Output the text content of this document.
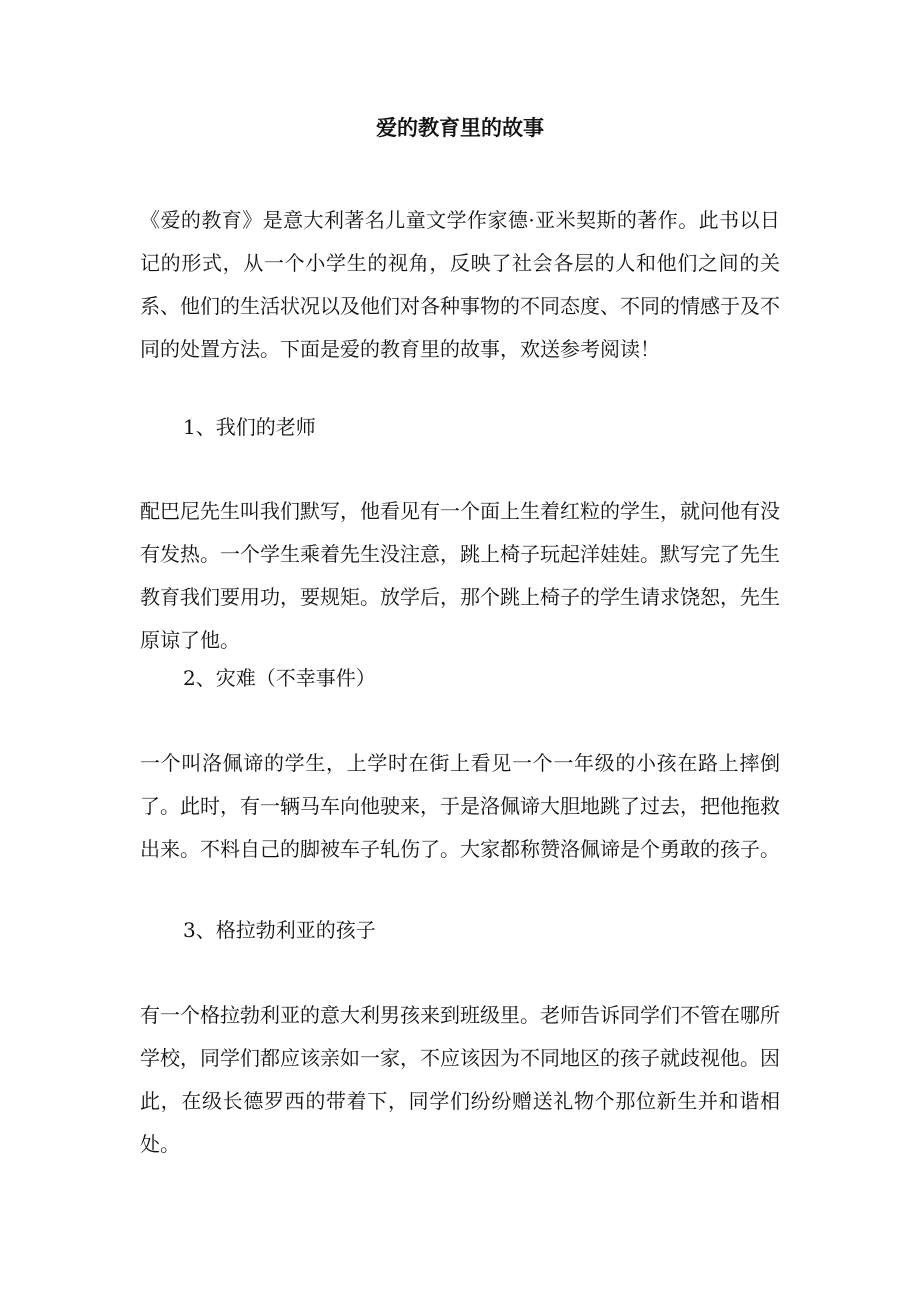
爱的教育里的故事

《爱的教育》是意大利著名儿童文学作家德·亚米契斯的著作。此书以日记的形式，从一个小学生的视角，反映了社会各层的人和他们之间的关系、他们的生活状况以及他们对各种事物的不同态度、不同的情感于及不同的处置方法。下面是爱的教育里的故事，欢送参考阅读！

1、我们的老师

配巴尼先生叫我们默写，他看见有一个面上生着红粒的学生，就问他有没有发热。一个学生乘着先生没注意，跳上椅子玩起洋娃娃。默写完了先生教育我们要用功，要规矩。放学后，那个跳上椅子的学生请求饶恕，先生原谅了他。

2、灾难（不幸事件）

一个叫洛佩谛的学生，上学时在街上看见一个一年级的小孩在路上摔倒了。此时，有一辆马车向他驶来，于是洛佩谛大胆地跳了过去，把他拖救出来。不料自己的脚被车子轧伤了。大家都称赞洛佩谛是个勇敢的孩子。

3、格拉勃利亚的孩子

有一个格拉勃利亚的意大利男孩来到班级里。老师告诉同学们不管在哪所学校，同学们都应该亲如一家，不应该因为不同地区的孩子就歧视他。因此，在级长德罗西的带着下，同学们纷纷赠送礼物个那位新生并和谐相处。
